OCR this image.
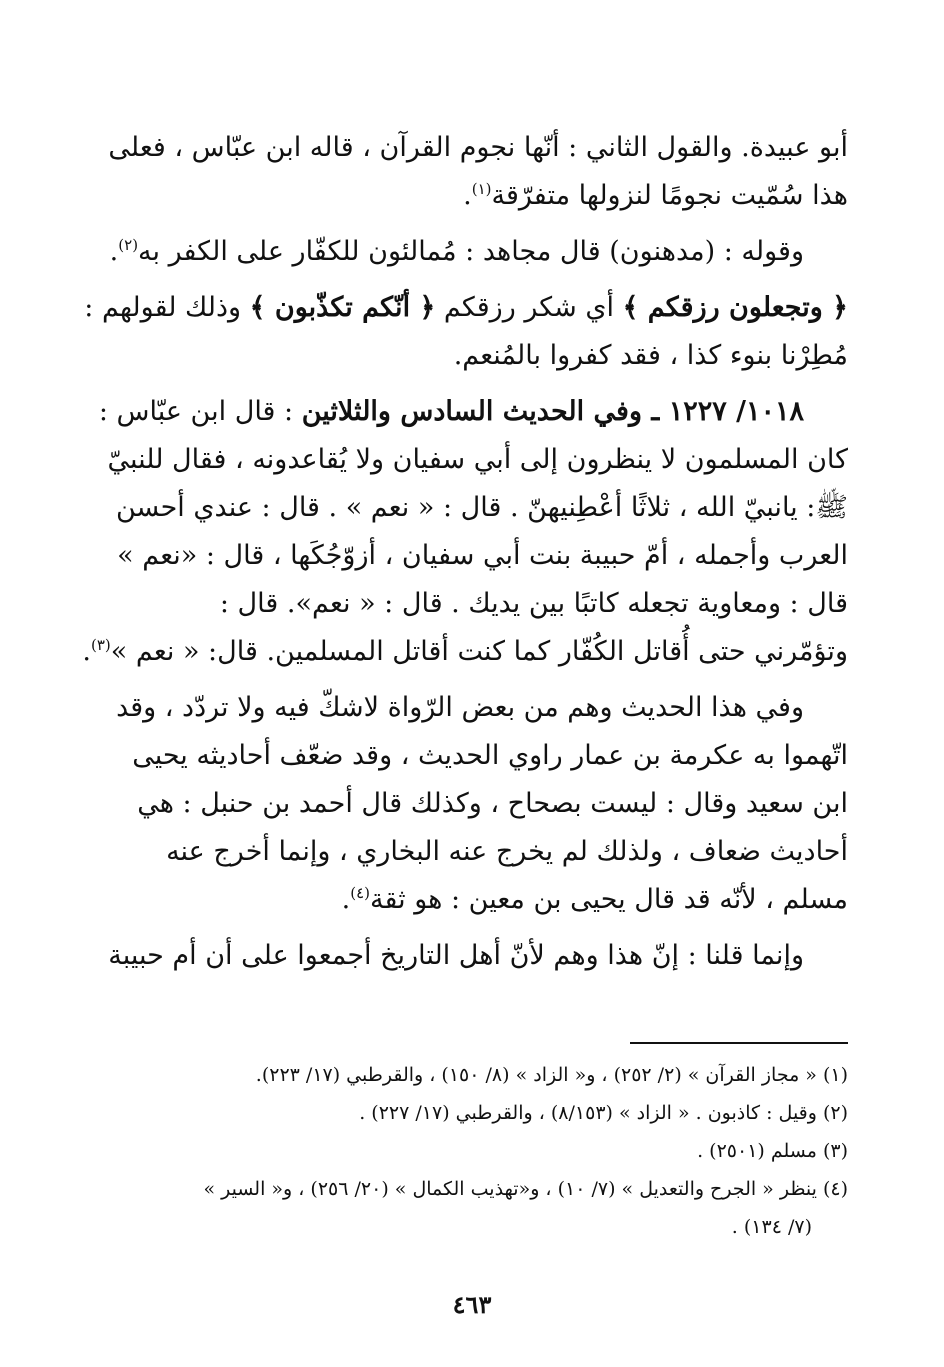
أبو عبيدة. والقول الثاني : أنّها نجوم القرآن ، قاله ابن عبّاس ، فعلى
هذا سُمّيت نجومًا لنزولها متفرّقة$^{(١)}$.

وقوله : (مدهنون) قال مجاهد : مُمالئون للكفّار على الكفر به$^{(٢)}$.

﴿ وتجعلون رزقكم ﴾ أي شكر رزقكم ﴿ أنّكم تكذّبون ﴾ وذلك لقولهم :
مُطِرْنا بنوء كذا ، فقد كفروا بالمُنعم.

١٠١٨/ ١٢٢٧ ـ وفي الحديث السادس والثلاثين : قال ابن عبّاس :
كان المسلمون لا ينظرون إلى أبي سفيان ولا يُقاعدونه ، فقال للنبيّ
ﷺ: يانبيّ الله ، ثلاثًا أعْطِنيهنّ . قال : « نعم » . قال : عندي أحسن
العرب وأجمله ، أمّ حبيبة بنت أبي سفيان ، أزوّجُكَها ، قال : «نعم »
قال : ومعاوية تجعله كاتبًا بين يديك . قال : « نعم». قال :
وتؤمّرني حتى أُقاتل الكُفّار كما كنت أقاتل المسلمين. قال: « نعم »$^{(٣)}$.

وفي هذا الحديث وهم من بعض الرّواة لاشكّ فيه ولا تردّد ، وقد
اتّهموا به عكرمة بن عمار راوي الحديث ، وقد ضعّف أحاديثه يحيى
ابن سعيد وقال : ليست بصحاح ، وكذلك قال أحمد بن حنبل : هي
أحاديث ضعاف ، ولذلك لم يخرج عنه البخاري ، وإنما أخرج عنه
مسلم ، لأنّه قد قال يحيى بن معين : هو ثقة$^{(٤)}$.

وإنما قلنا : إنّ هذا وهم لأنّ أهل التاريخ أجمعوا على أن أم حبيبة

(١)« مجاز القرآن » (٢/ ٢٥٢) ، و« الزاد » (٨/ ١٥٠) ، والقرطبي (١٧/ ٢٢٣).
(٢)وقيل : كاذبون . « الزاد » (٨/١٥٣) ، والقرطبي (١٧/ ٢٢٧) .
(٣)مسلم (٢٥٠١) .
(٤)ينظر « الجرح والتعديل » (٧/ ١٠) ، و«تهذيب الكمال » (٢٠/ ٢٥٦) ، و« السير »
(٧/ ١٣٤) .
٤٦٣
